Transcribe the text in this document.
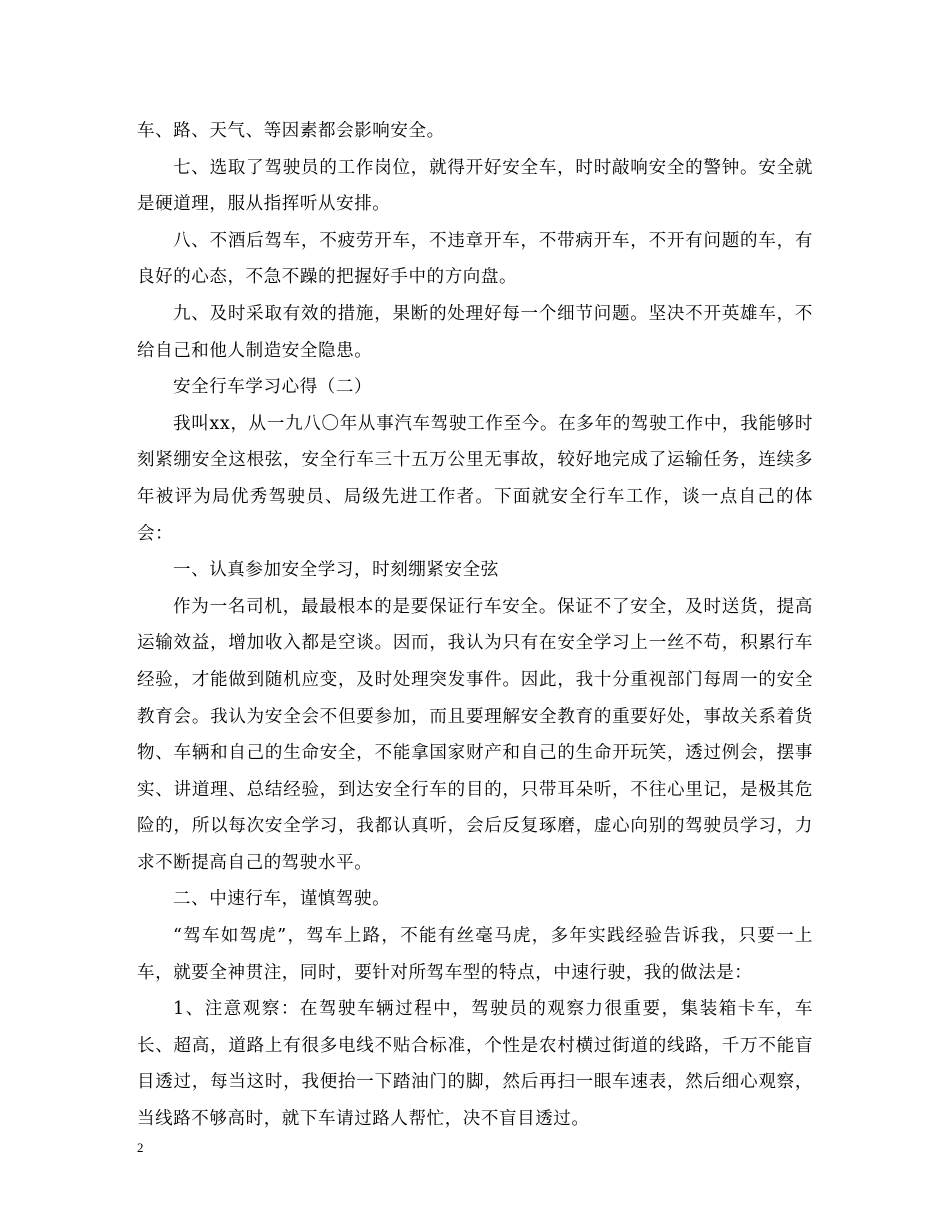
车、路、天气、等因素都会影响安全。

七、选取了驾驶员的工作岗位，就得开好安全车，时时敲响安全的警钟。安全就是硬道理，服从指挥听从安排。

八、不酒后驾车，不疲劳开车，不违章开车，不带病开车，不开有问题的车，有良好的心态，不急不躁的把握好手中的方向盘。

九、及时采取有效的措施，果断的处理好每一个细节问题。坚决不开英雄车，不给自己和他人制造安全隐患。

安全行车学习心得（二）

我叫xx，从一九八〇年从事汽车驾驶工作至今。在多年的驾驶工作中，我能够时刻紧绷安全这根弦，安全行车三十五万公里无事故，较好地完成了运输任务，连续多年被评为局优秀驾驶员、局级先进工作者。下面就安全行车工作，谈一点自己的体会：

一、认真参加安全学习，时刻绷紧安全弦

作为一名司机，最最根本的是要保证行车安全。保证不了安全，及时送货，提高运输效益，增加收入都是空谈。因而，我认为只有在安全学习上一丝不苟，积累行车经验，才能做到随机应变，及时处理突发事件。因此，我十分重视部门每周一的安全教育会。我认为安全会不但要参加，而且要理解安全教育的重要好处，事故关系着货物、车辆和自己的生命安全，不能拿国家财产和自己的生命开玩笑，透过例会，摆事实、讲道理、总结经验，到达安全行车的目的，只带耳朵听，不往心里记，是极其危险的，所以每次安全学习，我都认真听，会后反复琢磨，虚心向别的驾驶员学习，力求不断提高自己的驾驶水平。

二、中速行车，谨慎驾驶。

“驾车如驾虎”，驾车上路，不能有丝毫马虎，多年实践经验告诉我，只要一上车，就要全神贯注，同时，要针对所驾车型的特点，中速行驶，我的做法是：

1、注意观察：在驾驶车辆过程中，驾驶员的观察力很重要，集装箱卡车，车长、超高，道路上有很多电线不贴合标准，个性是农村横过街道的线路，千万不能盲目透过，每当这时，我便抬一下踏油门的脚，然后再扫一眼车速表，然后细心观察，当线路不够高时，就下车请过路人帮忙，决不盲目透过。

2
